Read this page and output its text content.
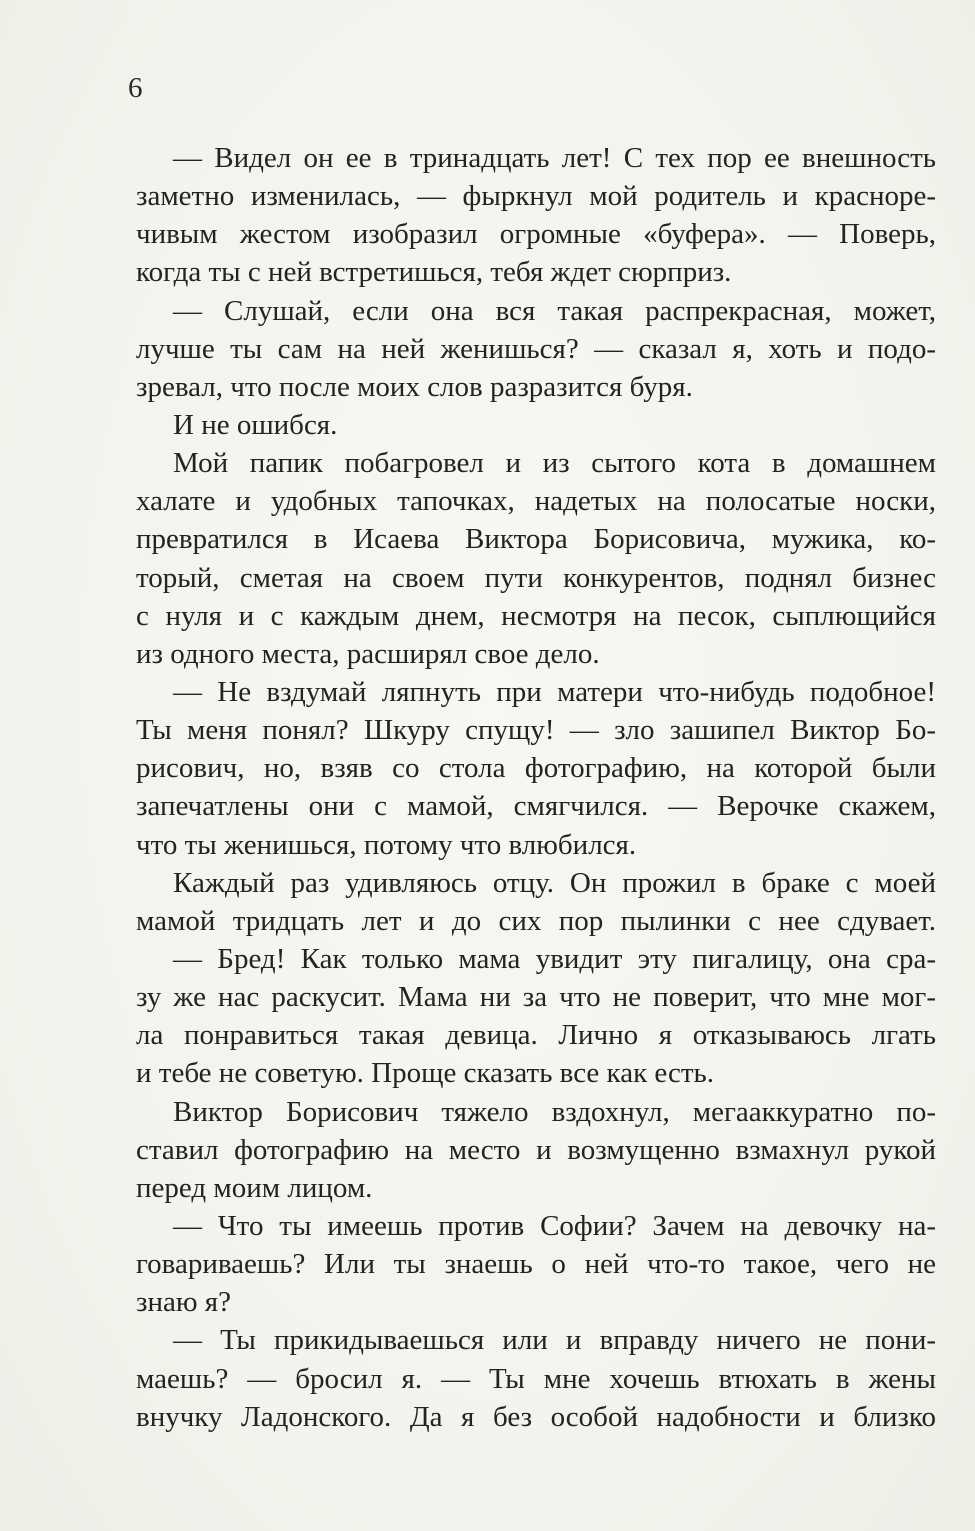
6
— Видел он ее в тринадцать лет! С тех пор ее внешность
заметно изменилась, — фыркнул мой родитель и красноре-
чивым жестом изобразил огромные «буфера». — Поверь,
когда ты с ней встретишься, тебя ждет сюрприз.
— Слушай, если она вся такая распрекрасная, может,
лучше ты сам на ней женишься? — сказал я, хоть и подо-
зревал, что после моих слов разразится буря.
И не ошибся.
Мой папик побагровел и из сытого кота в домашнем
халате и удобных тапочках, надетых на полосатые носки,
превратился в Исаева Виктора Борисовича, мужика, ко-
торый, сметая на своем пути конкурентов, поднял бизнес
с нуля и с каждым днем, несмотря на песок, сыплющийся
из одного места, расширял свое дело.
— Не вздумай ляпнуть при матери что-нибудь подобное!
Ты меня понял? Шкуру спущу! — зло зашипел Виктор Бо-
рисович, но, взяв со стола фотографию, на которой были
запечатлены они с мамой, смягчился. — Верочке скажем,
что ты женишься, потому что влюбился.
Каждый раз удивляюсь отцу. Он прожил в браке с моей
мамой тридцать лет и до сих пор пылинки с нее сдувает.
— Бред! Как только мама увидит эту пигалицу, она сра-
зу же нас раскусит. Мама ни за что не поверит, что мне мог-
ла понравиться такая девица. Лично я отказываюсь лгать
и тебе не советую. Проще сказать все как есть.
Виктор Борисович тяжело вздохнул, мегааккуратно по-
ставил фотографию на место и возмущенно взмахнул рукой
перед моим лицом.
— Что ты имеешь против Софии? Зачем на девочку на-
говариваешь? Или ты знаешь о ней что-то такое, чего не
знаю я?
— Ты прикидываешься или и вправду ничего не пони-
маешь? — бросил я. — Ты мне хочешь втюхать в жены
внучку Ладонского. Да я без особой надобности и близко
